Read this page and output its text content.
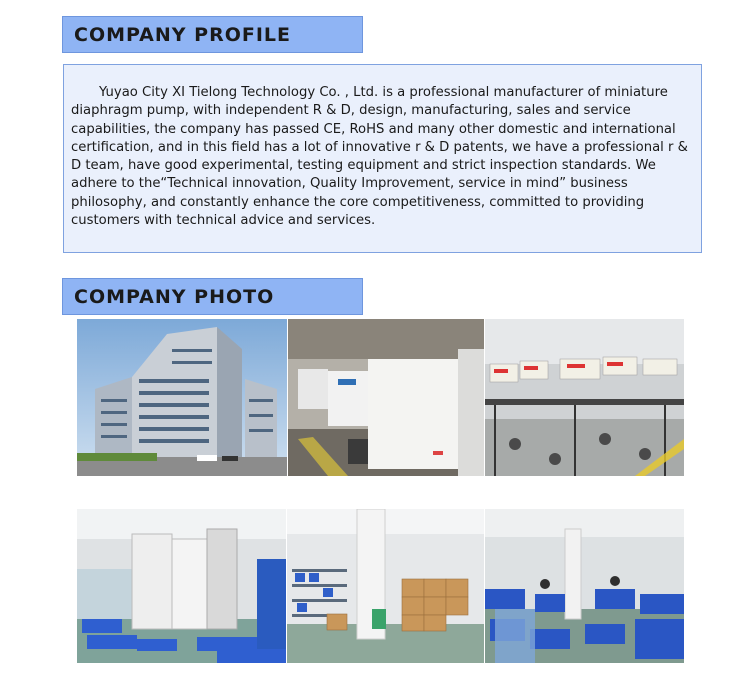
COMPANY PROFILE
Yuyao City XI Tielong Technology Co. , Ltd. is a professional manufacturer of miniature diaphragm pump, with independent R & D, design, manufacturing, sales and service capabilities, the company has passed CE, RoHS and many other domestic and international certification, and in this field has a lot of innovative r & D patents, we have a professional r & D team, have good experimental, testing equipment and strict inspection standards. We adhere to the“Technical innovation, Quality Improvement, service in mind” business philosophy, and constantly enhance the core competitiveness, committed to providing customers with technical advice and services.
COMPANY PHOTO
